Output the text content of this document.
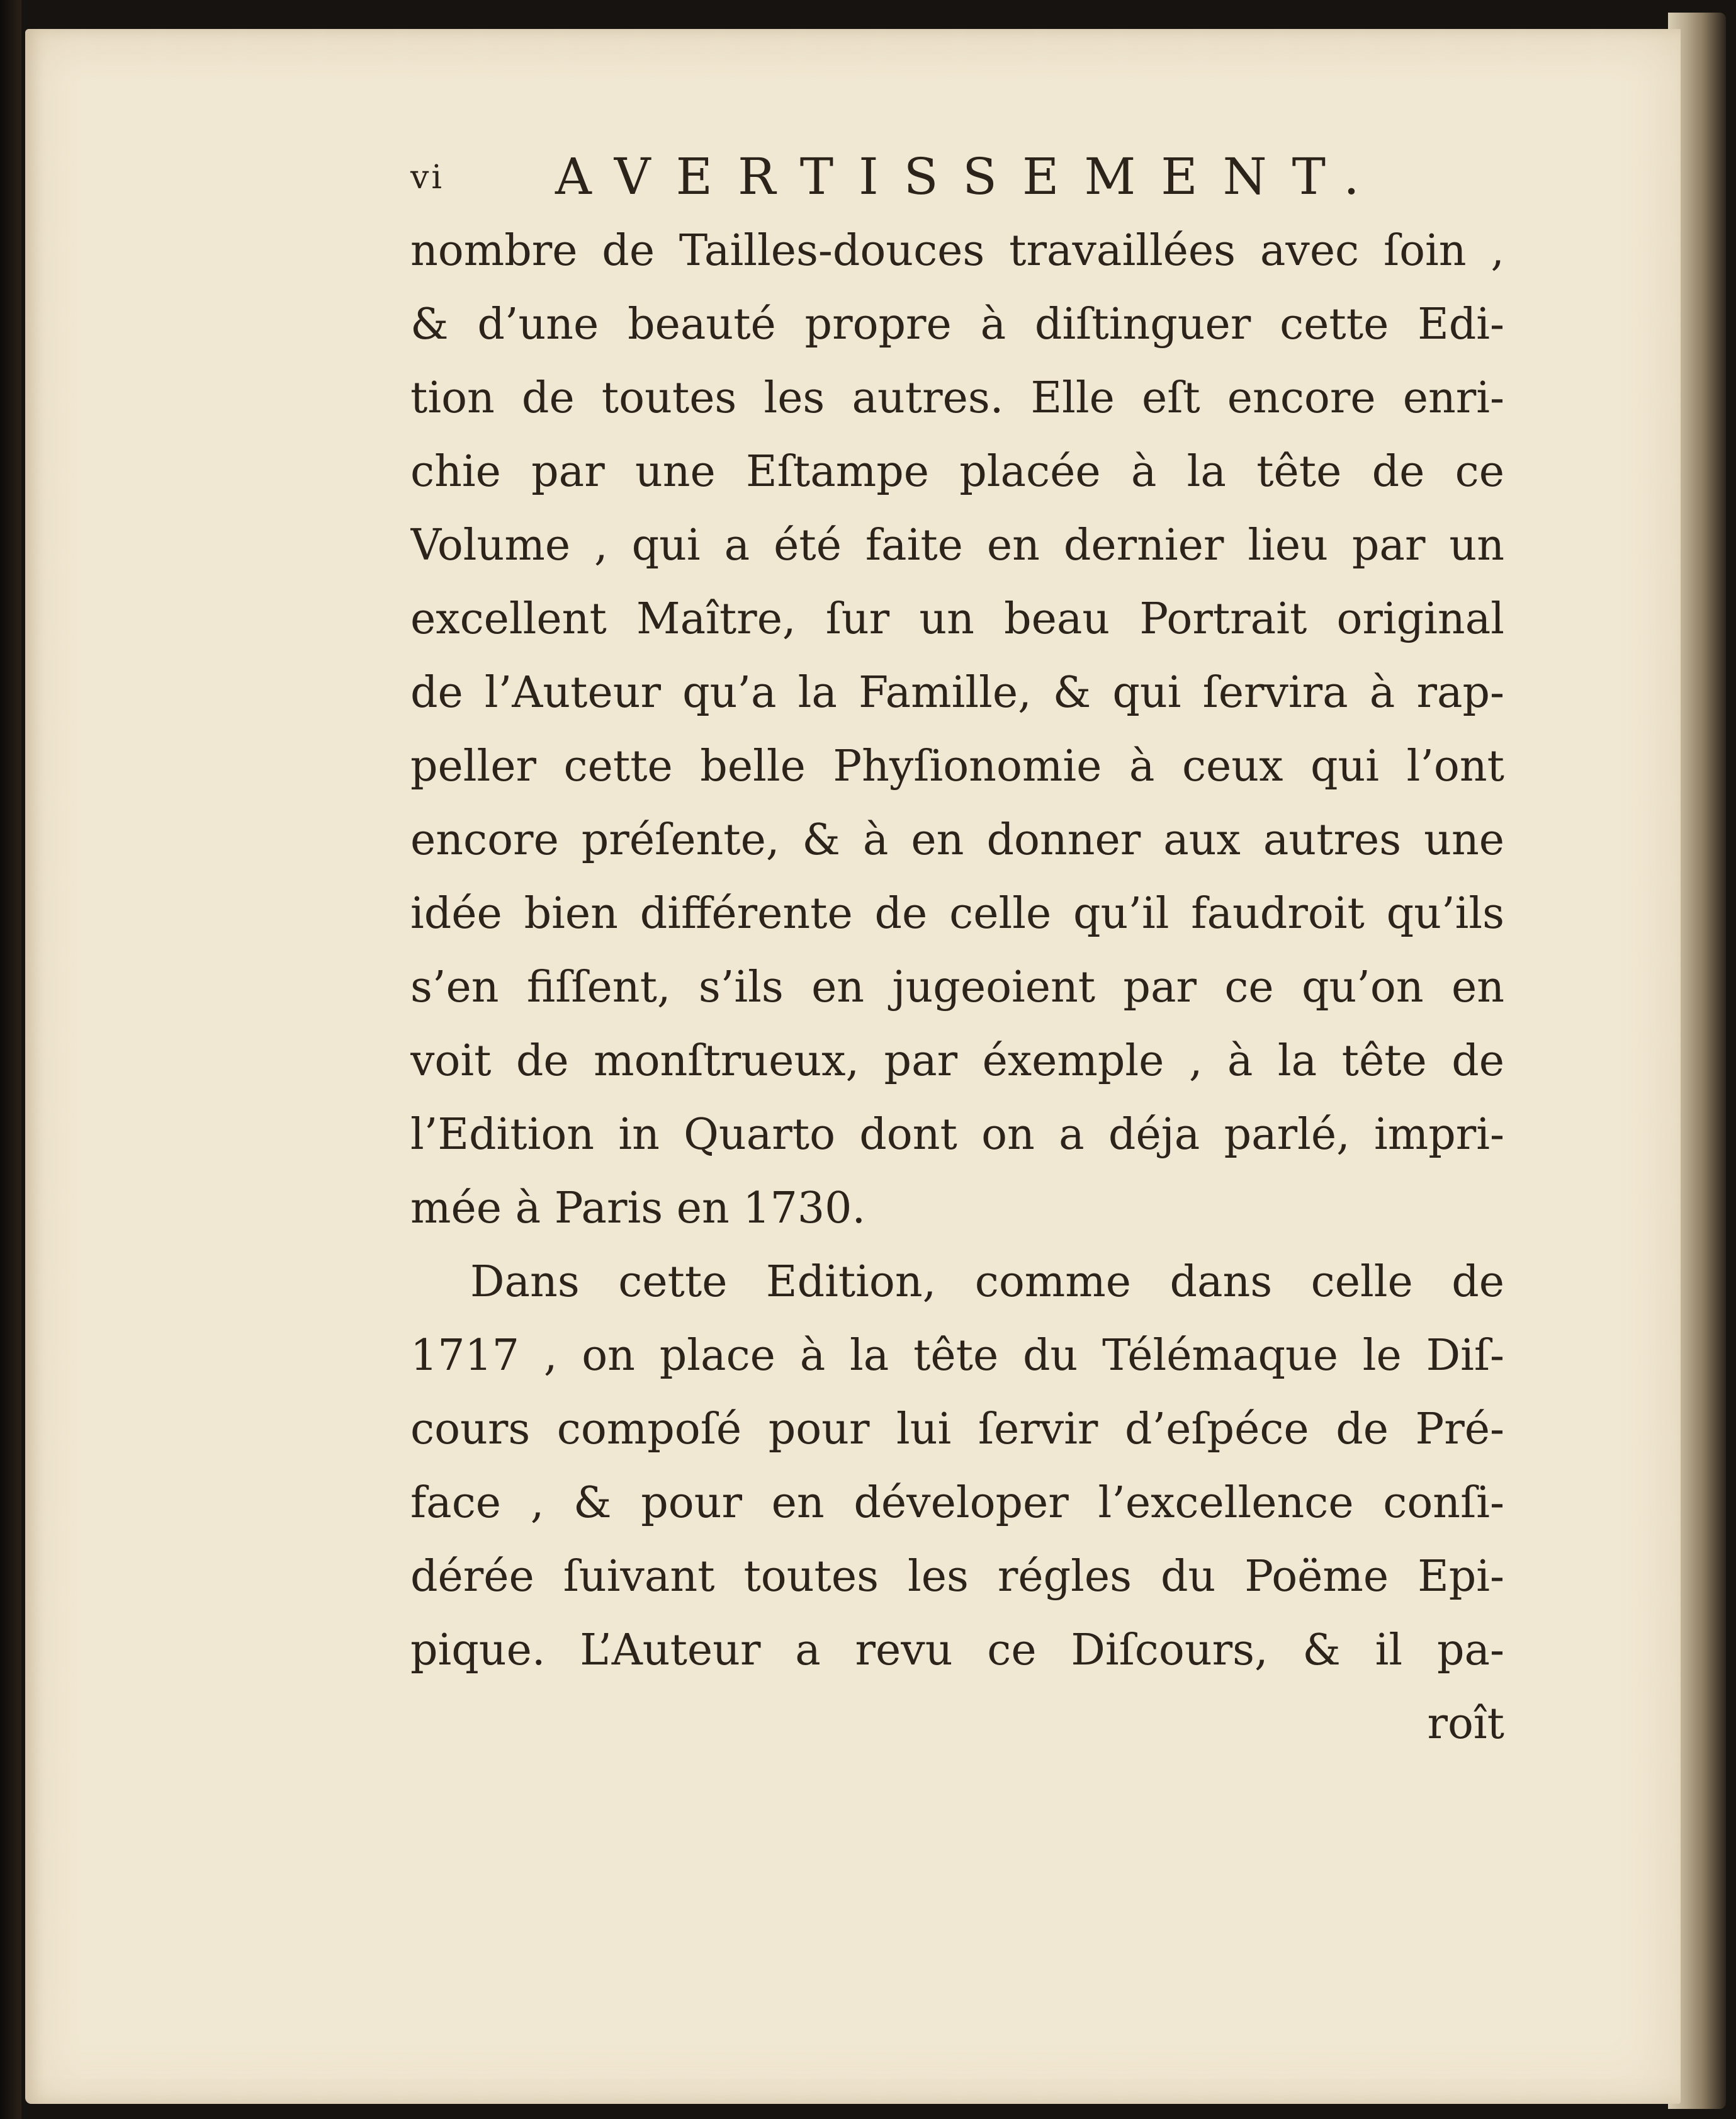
vi AVERTISSEMENT.
nombre de Tailles-douces travaillées avec ſoin ,
& d’une beauté propre à diſtinguer cette Edi-
tion de toutes les autres. Elle eſt encore enri-
chie par une Eſtampe placée à la tête de ce
Volume , qui a été faite en dernier lieu par un
excellent Maître, ſur un beau Portrait original
de l’Auteur qu’a la Famille, & qui ſervira à rap-
peller cette belle Phyſionomie à ceux qui l’ont
encore préſente, & à en donner aux autres une
idée bien différente de celle qu’il faudroit qu’ils
s’en fiſſent, s’ils en jugeoient par ce qu’on en
voit de monſtrueux, par éxemple , à la tête de
l’Edition in Quarto dont on a déja parlé, impri-
mée à Paris en 1730.
Dans cette Edition, comme dans celle de
1717 , on place à la tête du Télémaque le Diſ-
cours compoſé pour lui ſervir d’eſpéce de Pré-
face , & pour en déveloper l’excellence conſi-
dérée ſuivant toutes les régles du Poëme Epi-
pique. L’Auteur a revu ce Diſcours, & il pa-
roît
